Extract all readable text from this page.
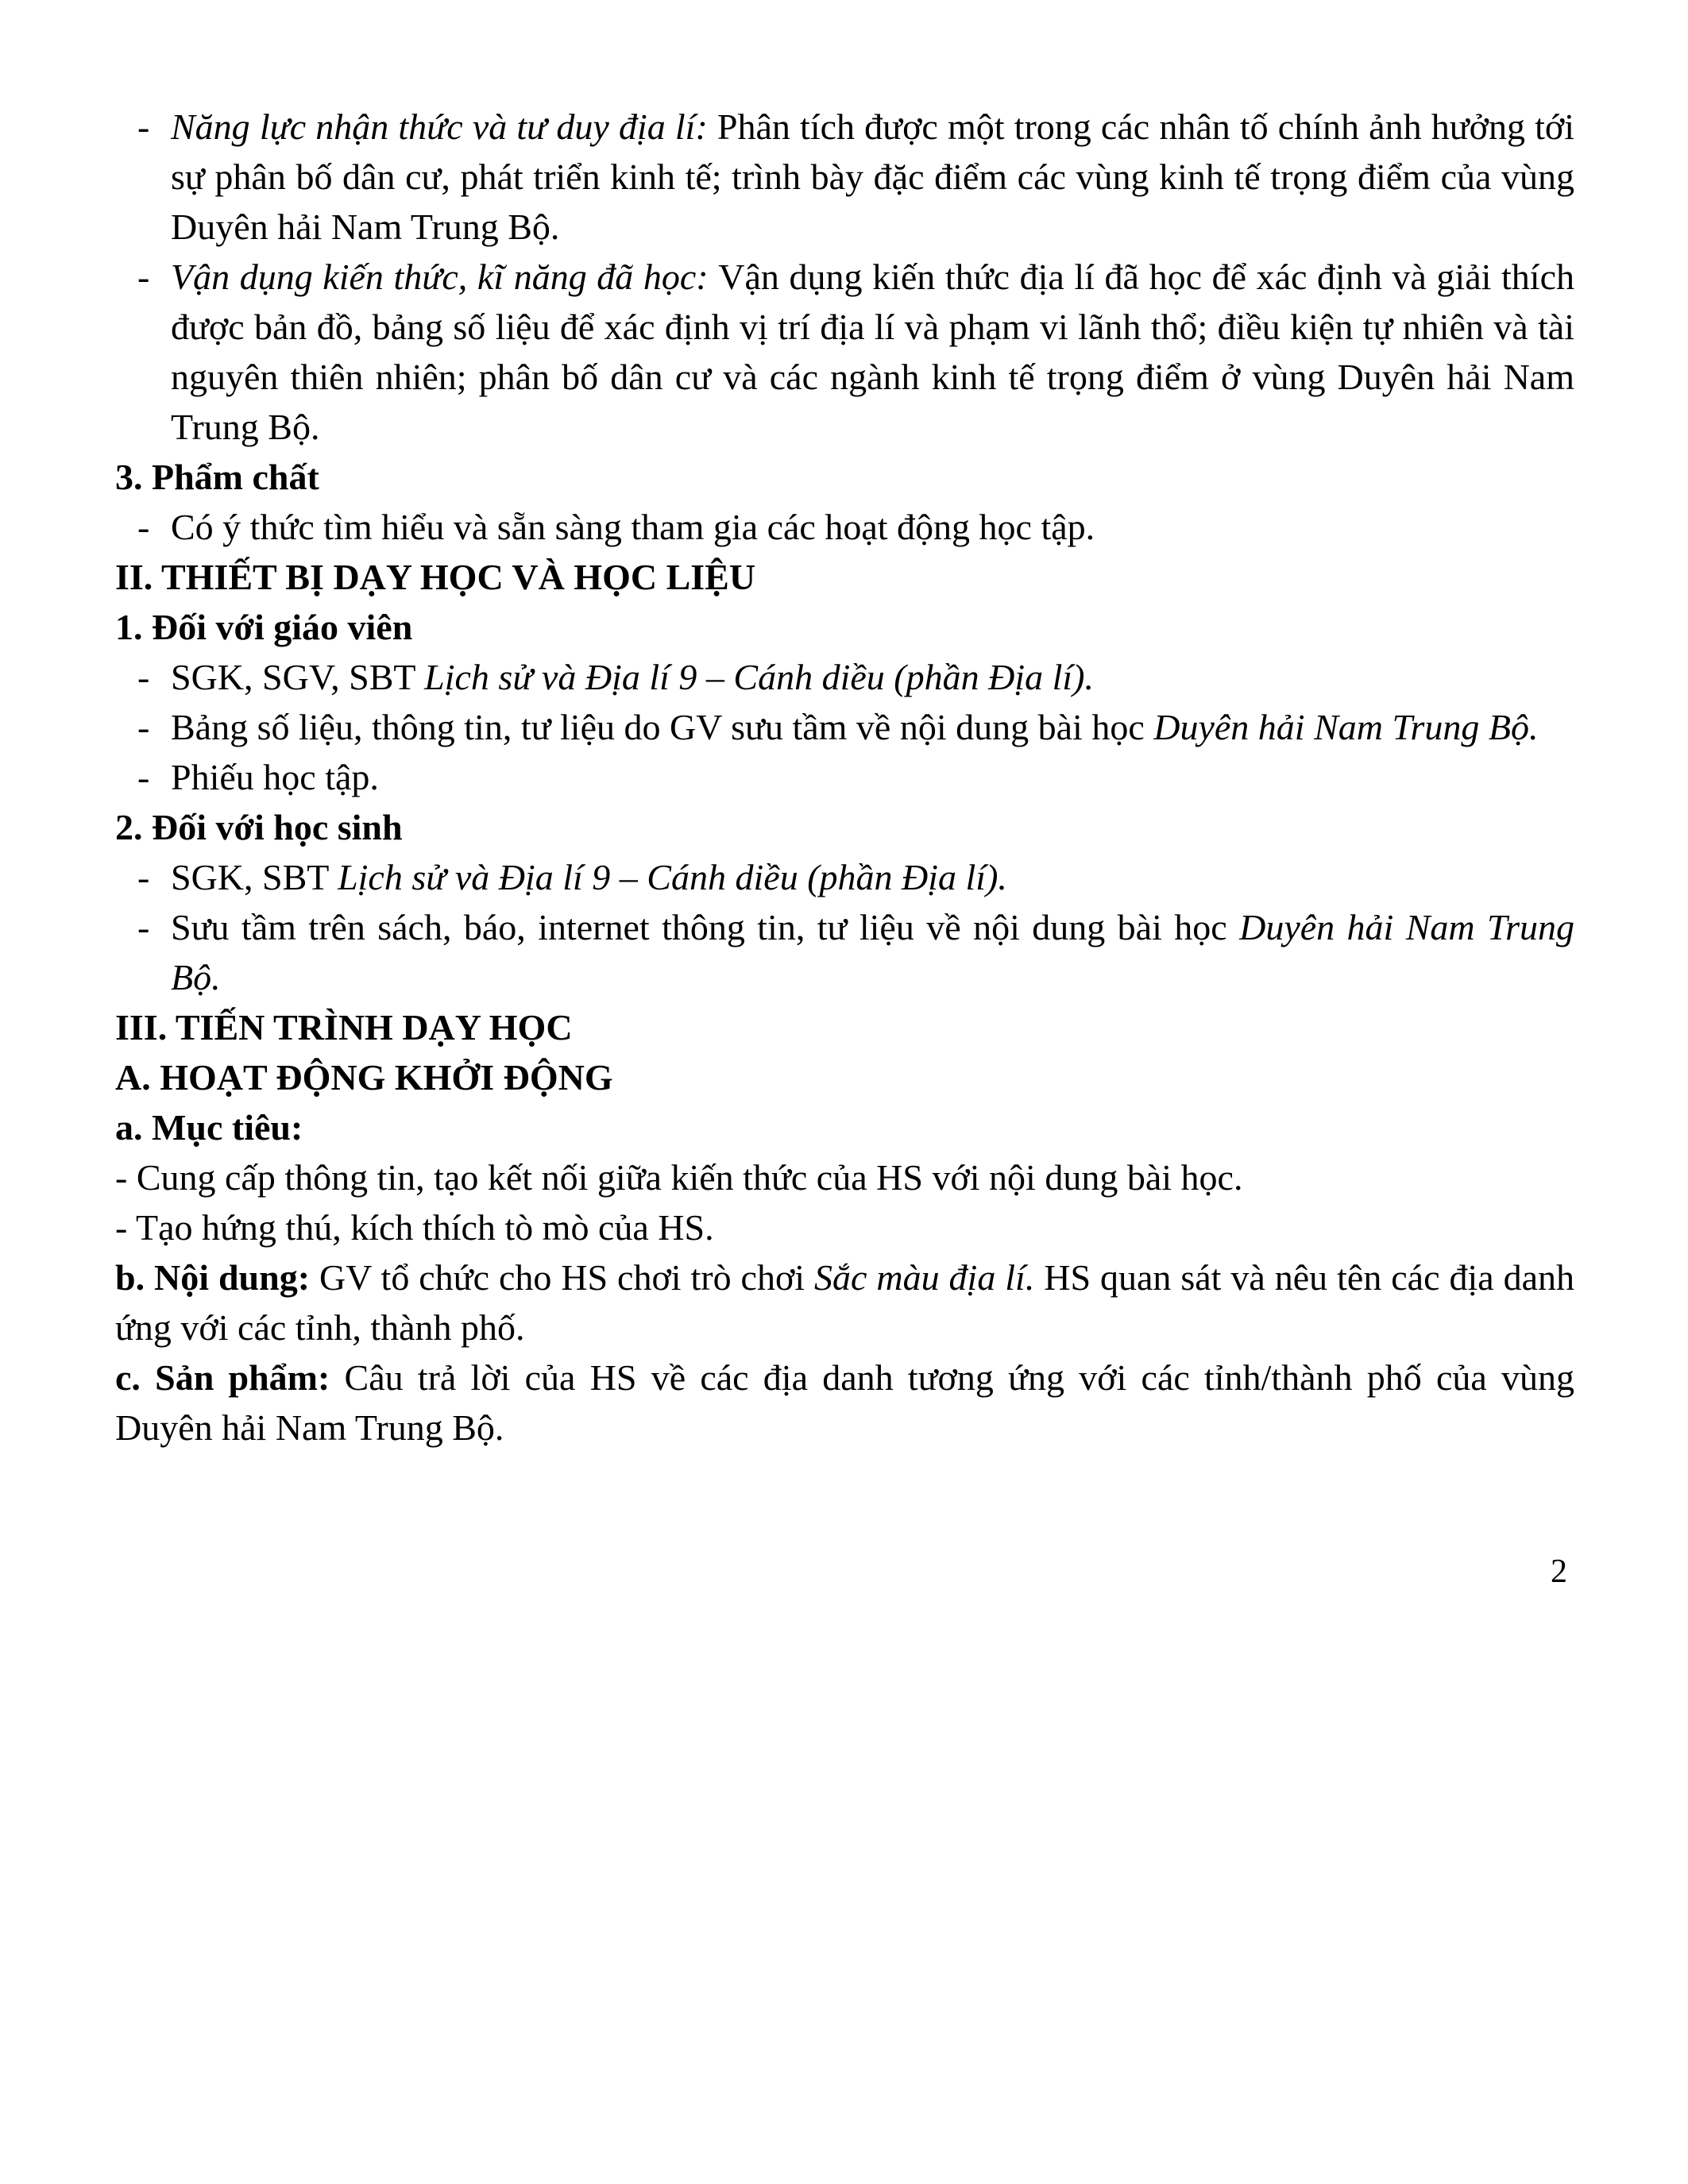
- Năng lực nhận thức và tư duy địa lí: Phân tích được một trong các nhân tố chính ảnh hưởng tới sự phân bố dân cư, phát triển kinh tế; trình bày đặc điểm các vùng kinh tế trọng điểm của vùng Duyên hải Nam Trung Bộ.
- Vận dụng kiến thức, kĩ năng đã học: Vận dụng kiến thức địa lí đã học để xác định và giải thích được bản đồ, bảng số liệu để xác định vị trí địa lí và phạm vi lãnh thổ; điều kiện tự nhiên và tài nguyên thiên nhiên; phân bố dân cư và các ngành kinh tế trọng điểm ở vùng Duyên hải Nam Trung Bộ.
3. Phẩm chất
- Có ý thức tìm hiểu và sẵn sàng tham gia các hoạt động học tập.
II. THIẾT BỊ DẠY HỌC VÀ HỌC LIỆU
1. Đối với giáo viên
- SGK, SGV, SBT Lịch sử và Địa lí 9 – Cánh diều (phần Địa lí).
- Bảng số liệu, thông tin, tư liệu do GV sưu tầm về nội dung bài học Duyên hải Nam Trung Bộ.
- Phiếu học tập.
2. Đối với học sinh
- SGK, SBT Lịch sử và Địa lí 9 – Cánh diều (phần Địa lí).
- Sưu tầm trên sách, báo, internet thông tin, tư liệu về nội dung bài học Duyên hải Nam Trung Bộ.
III. TIẾN TRÌNH DẠY HỌC
A. HOẠT ĐỘNG KHỞI ĐỘNG
a. Mục tiêu:
- Cung cấp thông tin, tạo kết nối giữa kiến thức của HS với nội dung bài học.
- Tạo hứng thú, kích thích tò mò của HS.
b. Nội dung: GV tổ chức cho HS chơi trò chơi Sắc màu địa lí. HS quan sát và nêu tên các địa danh ứng với các tỉnh, thành phố.
c. Sản phẩm: Câu trả lời của HS về các địa danh tương ứng với các tỉnh/thành phố của vùng Duyên hải Nam Trung Bộ.
2
